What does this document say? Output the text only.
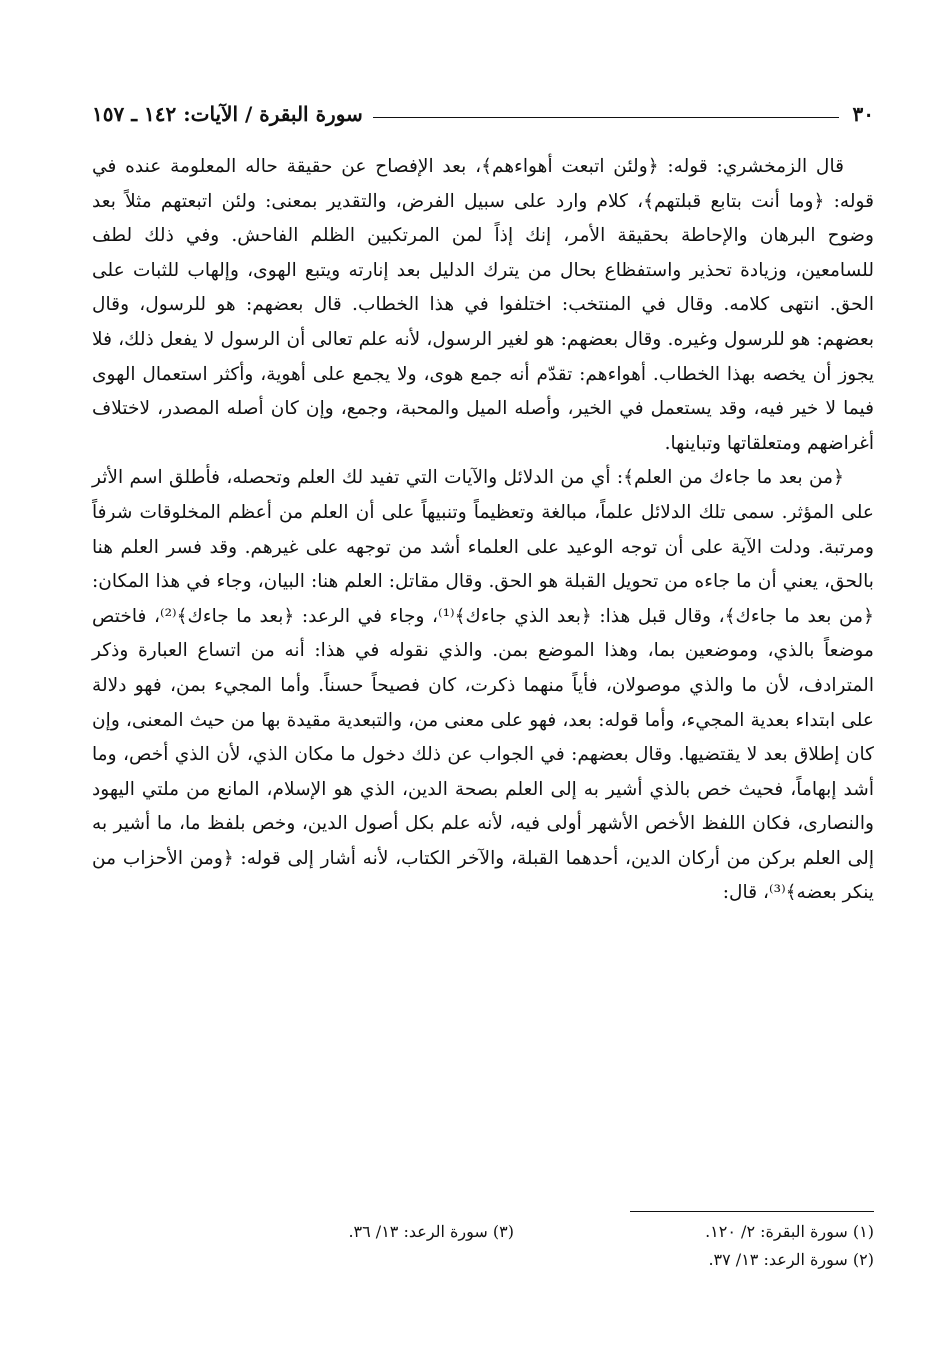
٣٠
سورة البقرة / الآيات: ١٤٢ ـ ١٥٧

قال الزمخشري: قوله: ﴿ولئن اتبعت أهواءهم﴾، بعد الإفصاح عن حقيقة حاله المعلومة عنده في قوله: ﴿وما أنت بتابع قبلتهم﴾، كلام وارد على سبيل الفرض، والتقدير بمعنى: ولئن اتبعتهم مثلاً بعد وضوح البرهان والإحاطة بحقيقة الأمر، إنك إذاً لمن المرتكبين الظلم الفاحش. وفي ذلك لطف للسامعين، وزيادة تحذير واستفظاع بحال من يترك الدليل بعد إنارته ويتبع الهوى، وإلهاب للثبات على الحق. انتهى كلامه. وقال في المنتخب: اختلفوا في هذا الخطاب. قال بعضهم: هو للرسول، وقال بعضهم: هو للرسول وغيره. وقال بعضهم: هو لغير الرسول، لأنه علم تعالى أن الرسول لا يفعل ذلك، فلا يجوز أن يخصه بهذا الخطاب. أهواءهم: تقدّم أنه جمع هوى، ولا يجمع على أهوية، وأكثر استعمال الهوى فيما لا خير فيه، وقد يستعمل في الخير، وأصله الميل والمحبة، وجمع، وإن كان أصله المصدر، لاختلاف أغراضهم ومتعلقاتها وتباينها.

﴿من بعد ما جاءك من العلم﴾: أي من الدلائل والآيات التي تفيد لك العلم وتحصله، فأطلق اسم الأثر على المؤثر. سمى تلك الدلائل علماً، مبالغة وتعظيماً وتنبيهاً على أن العلم من أعظم المخلوقات شرفاً ومرتبة. ودلت الآية على أن توجه الوعيد على العلماء أشد من توجهه على غيرهم. وقد فسر العلم هنا بالحق، يعني أن ما جاءه من تحويل القبلة هو الحق. وقال مقاتل: العلم هنا: البيان، وجاء في هذا المكان: ﴿من بعد ما جاءك﴾، وقال قبل هذا: ﴿بعد الذي جاءك﴾⁽¹⁾، وجاء في الرعد: ﴿بعد ما جاءك﴾⁽²⁾، فاختص موضعاً بالذي، وموضعين بما، وهذا الموضع بمن. والذي نقوله في هذا: أنه من اتساع العبارة وذكر المترادف، لأن ما والذي موصولان، فأياً منهما ذكرت، كان فصيحاً حسناً. وأما المجيء بمن، فهو دلالة على ابتداء بعدية المجيء، وأما قوله: بعد، فهو على معنى من، والتبعدية مقيدة بها من حيث المعنى، وإن كان إطلاق بعد لا يقتضيها. وقال بعضهم: في الجواب عن ذلك دخول ما مكان الذي، لأن الذي أخص، وما أشد إبهاماً، فحيث خص بالذي أشير به إلى العلم بصحة الدين، الذي هو الإسلام، المانع من ملتي اليهود والنصارى، فكان اللفظ الأخص الأشهر أولى فيه، لأنه علم بكل أصول الدين، وخص بلفظ ما، ما أشير به إلى العلم بركن من أركان الدين، أحدهما القبلة، والآخر الكتاب، لأنه أشار إلى قوله: ﴿ومن الأحزاب من ينكر بعضه﴾⁽³⁾، قال:

(١) سورة البقرة: ٢/ ١٢٠.
(٣) سورة الرعد: ١٣/ ٣٦.
(٢) سورة الرعد: ١٣/ ٣٧.
